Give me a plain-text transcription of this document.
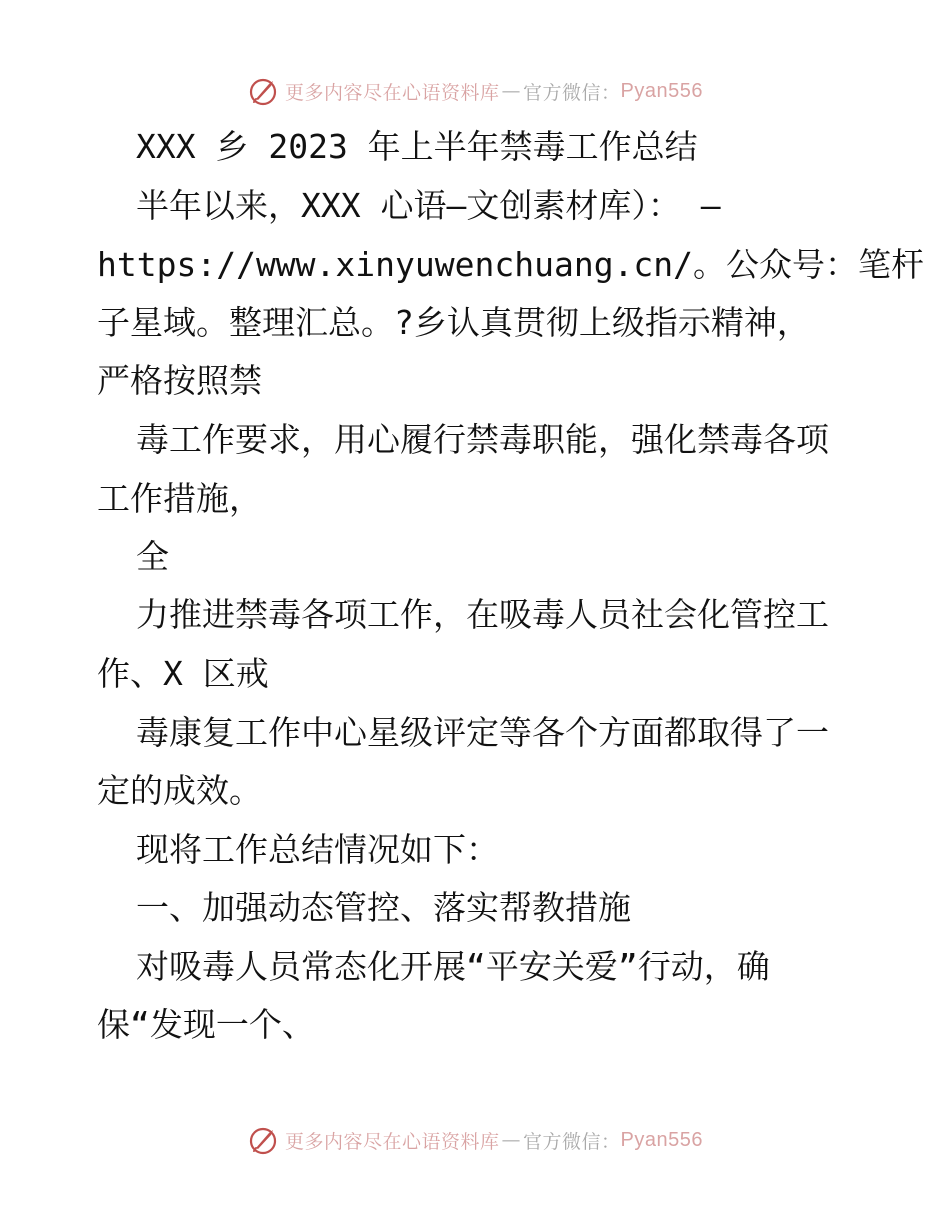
更多内容尽在心语资料库 — 官方微信： Pyan556
XXX 乡 2023 年上半年禁毒工作总结
半年以来，XXX 心语—文创素材库）： —
https://www.xinyuwenchuang.cn/。公众号：笔杆
子星域。整理汇总。?乡认真贯彻上级指示精神，
严格按照禁
毒工作要求，用心履行禁毒职能，强化禁毒各项
工作措施，
全
力推进禁毒各项工作，在吸毒人员社会化管控工
作、X 区戒
毒康复工作中心星级评定等各个方面都取得了一
定的成效。
现将工作总结情况如下：
一、加强动态管控、落实帮教措施
对吸毒人员常态化开展“平安关爱”行动，确
保“发现一个、
更多内容尽在心语资料库 — 官方微信： Pyan556
